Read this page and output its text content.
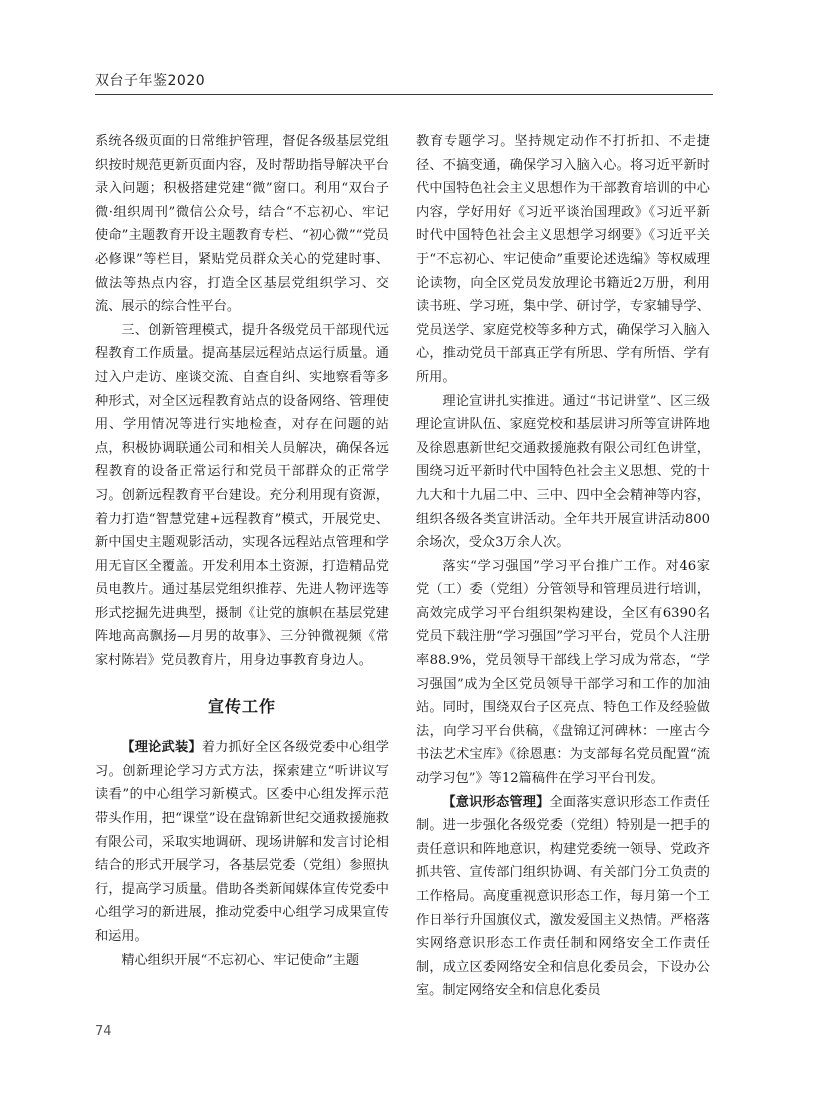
双台子年鉴2020

系统各级页面的日常维护管理，督促各级基层党组织按时规范更新页面内容，及时帮助指导解决平台录入问题；积极搭建党建“微”窗口。利用“双台子微·组织周刊”微信公众号，结合“不忘初心、牢记使命”主题教育开设主题教育专栏、“初心微”“党员必修课”等栏目，紧贴党员群众关心的党建时事、做法等热点内容，打造全区基层党组织学习、交流、展示的综合性平台。

三、创新管理模式，提升各级党员干部现代远程教育工作质量。提高基层远程站点运行质量。通过入户走访、座谈交流、自查自纠、实地察看等多种形式，对全区远程教育站点的设备网络、管理使用、学用情况等进行实地检查，对存在问题的站点，积极协调联通公司和相关人员解决，确保各远程教育的设备正常运行和党员干部群众的正常学习。创新远程教育平台建设。充分利用现有资源，着力打造“智慧党建+远程教育”模式，开展党史、新中国史主题观影活动，实现各远程站点管理和学用无盲区全覆盖。开发利用本土资源，打造精品党员电教片。通过基层党组织推荐、先进人物评选等形式挖掘先进典型，摄制《让党的旗帜在基层党建阵地高高飘扬—月男的故事》、三分钟微视频《常家村陈岩》党员教育片，用身边事教育身边人。

宣传工作

【理论武装】着力抓好全区各级党委中心组学习。创新理论学习方式方法，探索建立“听讲议写读看”的中心组学习新模式。区委中心组发挥示范带头作用，把“课堂”设在盘锦新世纪交通救援施救有限公司，采取实地调研、现场讲解和发言讨论相结合的形式开展学习，各基层党委（党组）参照执行，提高学习质量。借助各类新闻媒体宣传党委中心组学习的新进展，推动党委中心组学习成果宣传和运用。

精心组织开展“不忘初心、牢记使命”主题

教育专题学习。坚持规定动作不打折扣、不走捷径、不搞变通，确保学习入脑入心。将习近平新时代中国特色社会主义思想作为干部教育培训的中心内容，学好用好《习近平谈治国理政》《习近平新时代中国特色社会主义思想学习纲要》《习近平关于“不忘初心、牢记使命”重要论述选编》等权威理论读物，向全区党员发放理论书籍近2万册，利用读书班、学习班，集中学、研讨学，专家辅导学、党员送学、家庭党校等多种方式，确保学习入脑入心，推动党员干部真正学有所思、学有所悟、学有所用。

理论宣讲扎实推进。通过“书记讲堂”、区三级理论宣讲队伍、家庭党校和基层讲习所等宣讲阵地及徐恩惠新世纪交通救援施救有限公司红色讲堂，围绕习近平新时代中国特色社会主义思想、党的十九大和十九届二中、三中、四中全会精神等内容，组织各级各类宣讲活动。全年共开展宣讲活动800余场次，受众3万余人次。

落实“学习强国”学习平台推广工作。对46家党（工）委（党组）分管领导和管理员进行培训，高效完成学习平台组织架构建设，全区有6390名党员下载注册“学习强国”学习平台，党员个人注册率88.9%，党员领导干部线上学习成为常态，“学习强国”成为全区党员领导干部学习和工作的加油站。同时，围绕双台子区亮点、特色工作及经验做法，向学习平台供稿，《盘锦辽河碑林：一座古今书法艺术宝库》《徐恩惠：为支部每名党员配置“流动学习包”》等12篇稿件在学习平台刊发。

【意识形态管理】全面落实意识形态工作责任制。进一步强化各级党委（党组）特别是一把手的责任意识和阵地意识，构建党委统一领导、党政齐抓共管、宣传部门组织协调、有关部门分工负责的工作格局。高度重视意识形态工作，每月第一个工作日举行升国旗仪式，激发爱国主义热情。严格落实网络意识形态工作责任制和网络安全工作责任制，成立区委网络安全和信息化委员会，下设办公室。制定网络安全和信息化委员

74
